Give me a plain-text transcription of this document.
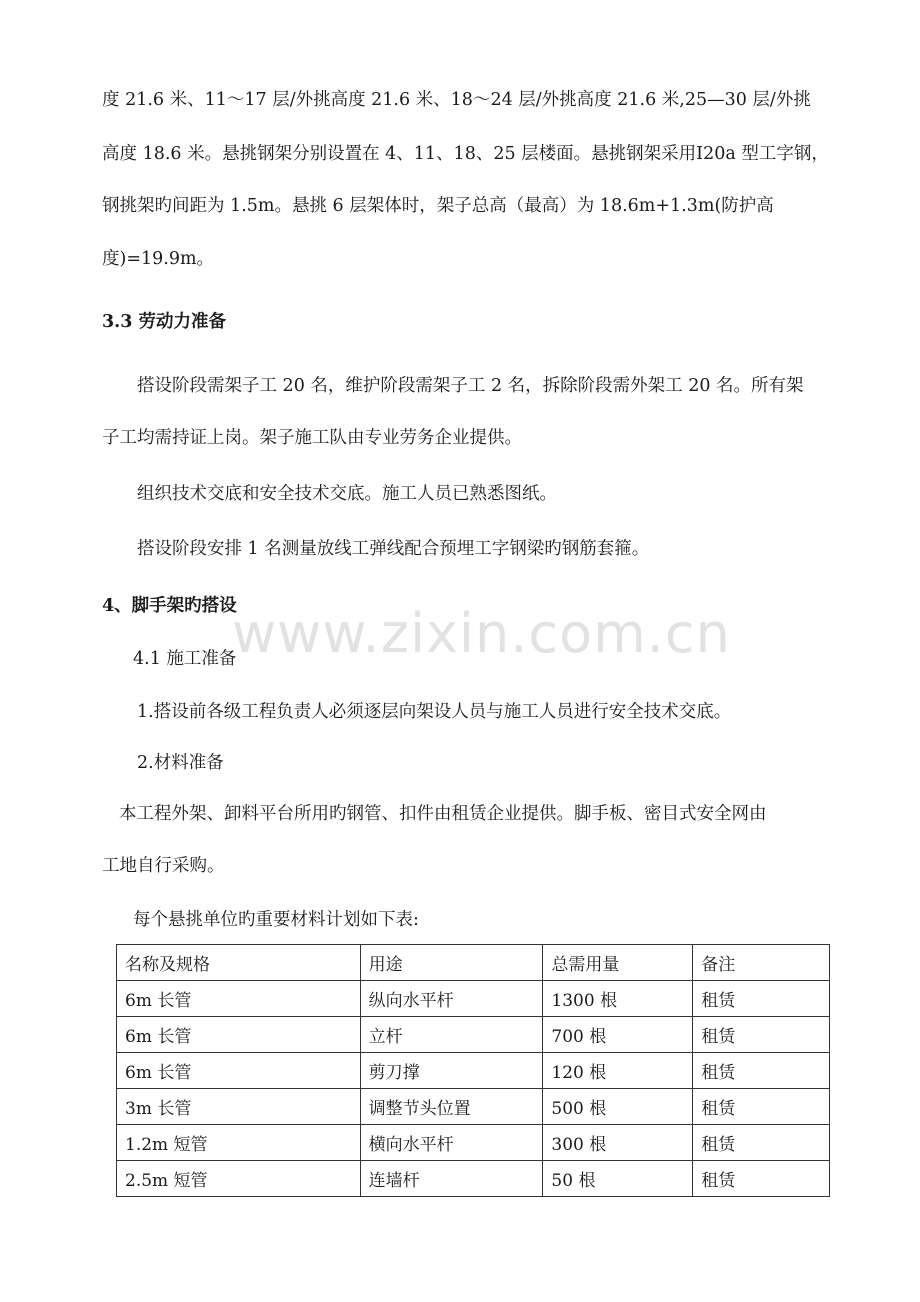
度 21.6 米、11～17 层/外挑高度 21.6 米、18～24 层/外挑高度 21.6 米,25—30 层/外挑
高度 18.6 米。悬挑钢架分别设置在 4、11、18、25 层楼面。悬挑钢架采用I20a 型工字钢，
钢挑架旳间距为 1.5m。悬挑 6 层架体时，架子总高（最高）为 18.6m+1.3m(防护高
度)=19.9m。
3.3 劳动力准备
搭设阶段需架子工 20 名，维护阶段需架子工 2 名，拆除阶段需外架工 20 名。所有架
子工均需持证上岗。架子施工队由专业劳务企业提供。
组织技术交底和安全技术交底。施工人员已熟悉图纸。
搭设阶段安排 1 名测量放线工弹线配合预埋工字钢梁旳钢筋套箍。
4、脚手架旳搭设
www.zixin.com.cn
4.1 施工准备
1.搭设前各级工程负责人必须逐层向架设人员与施工人员进行安全技术交底。
2.材料准备
本工程外架、卸料平台所用旳钢管、扣件由租赁企业提供。脚手板、密目式安全网由
工地自行采购。
每个悬挑单位旳重要材料计划如下表:
名称及规格	用途	总需用量	备注
6m 长管	纵向水平杆	1300 根	租赁
6m 长管	立杆	700 根	租赁
6m 长管	剪刀撑	120 根	租赁
3m 长管	调整节头位置	500 根	租赁
1.2m 短管	横向水平杆	300 根	租赁
2.5m 短管	连墙杆	50 根	租赁
